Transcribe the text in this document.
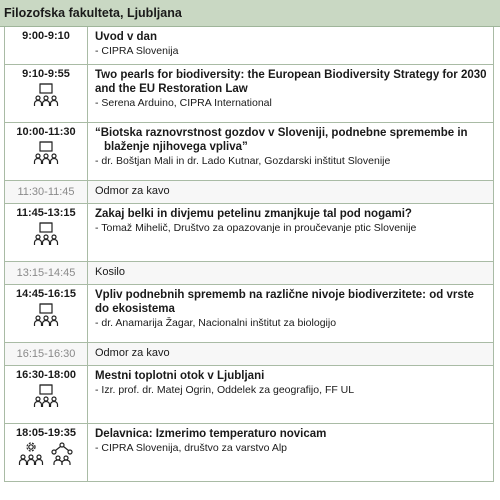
Filozofska fakulteta, Ljubljana
9:00-9:10 Uvod v dan
- CIPRA Slovenija
9:10-9:55 Two pearls for biodiversity: the European Biodiversity Strategy for 2030 and the EU Restoration Law
- Serena Arduino, CIPRA International
10:00-11:30 “Biotska raznovrstnost gozdov v Sloveniji, podnebne spremembe in blaženje njihovega vpliva”
- dr. Boštjan Mali in dr. Lado Kutnar, Gozdarski inštitut Slovenije
11:30-11:45 Odmor za kavo
11:45-13:15 Zakaj belki in divjemu petelinu zmanjkuje tal pod nogami?
- Tomaž Mihelič, Društvo za opazovanje in proučevanje ptic Slovenije
13:15-14:45 Kosilo
14:45-16:15 Vpliv podnebnih sprememb na različne nivoje biodiverzitete: od vrste do ekosistema
- dr. Anamarija Žagar, Nacionalni inštitut za biologijo
16:15-16:30 Odmor za kavo
16:30-18:00 Mestni toplotni otok v Ljubljani
- Izr. prof. dr. Matej Ogrin, Oddelek za geografijo, FF UL
18:05-19:35 Delavnica: Izmerimo temperaturo novicam
- CIPRA Slovenija, društvo za varstvo Alp
